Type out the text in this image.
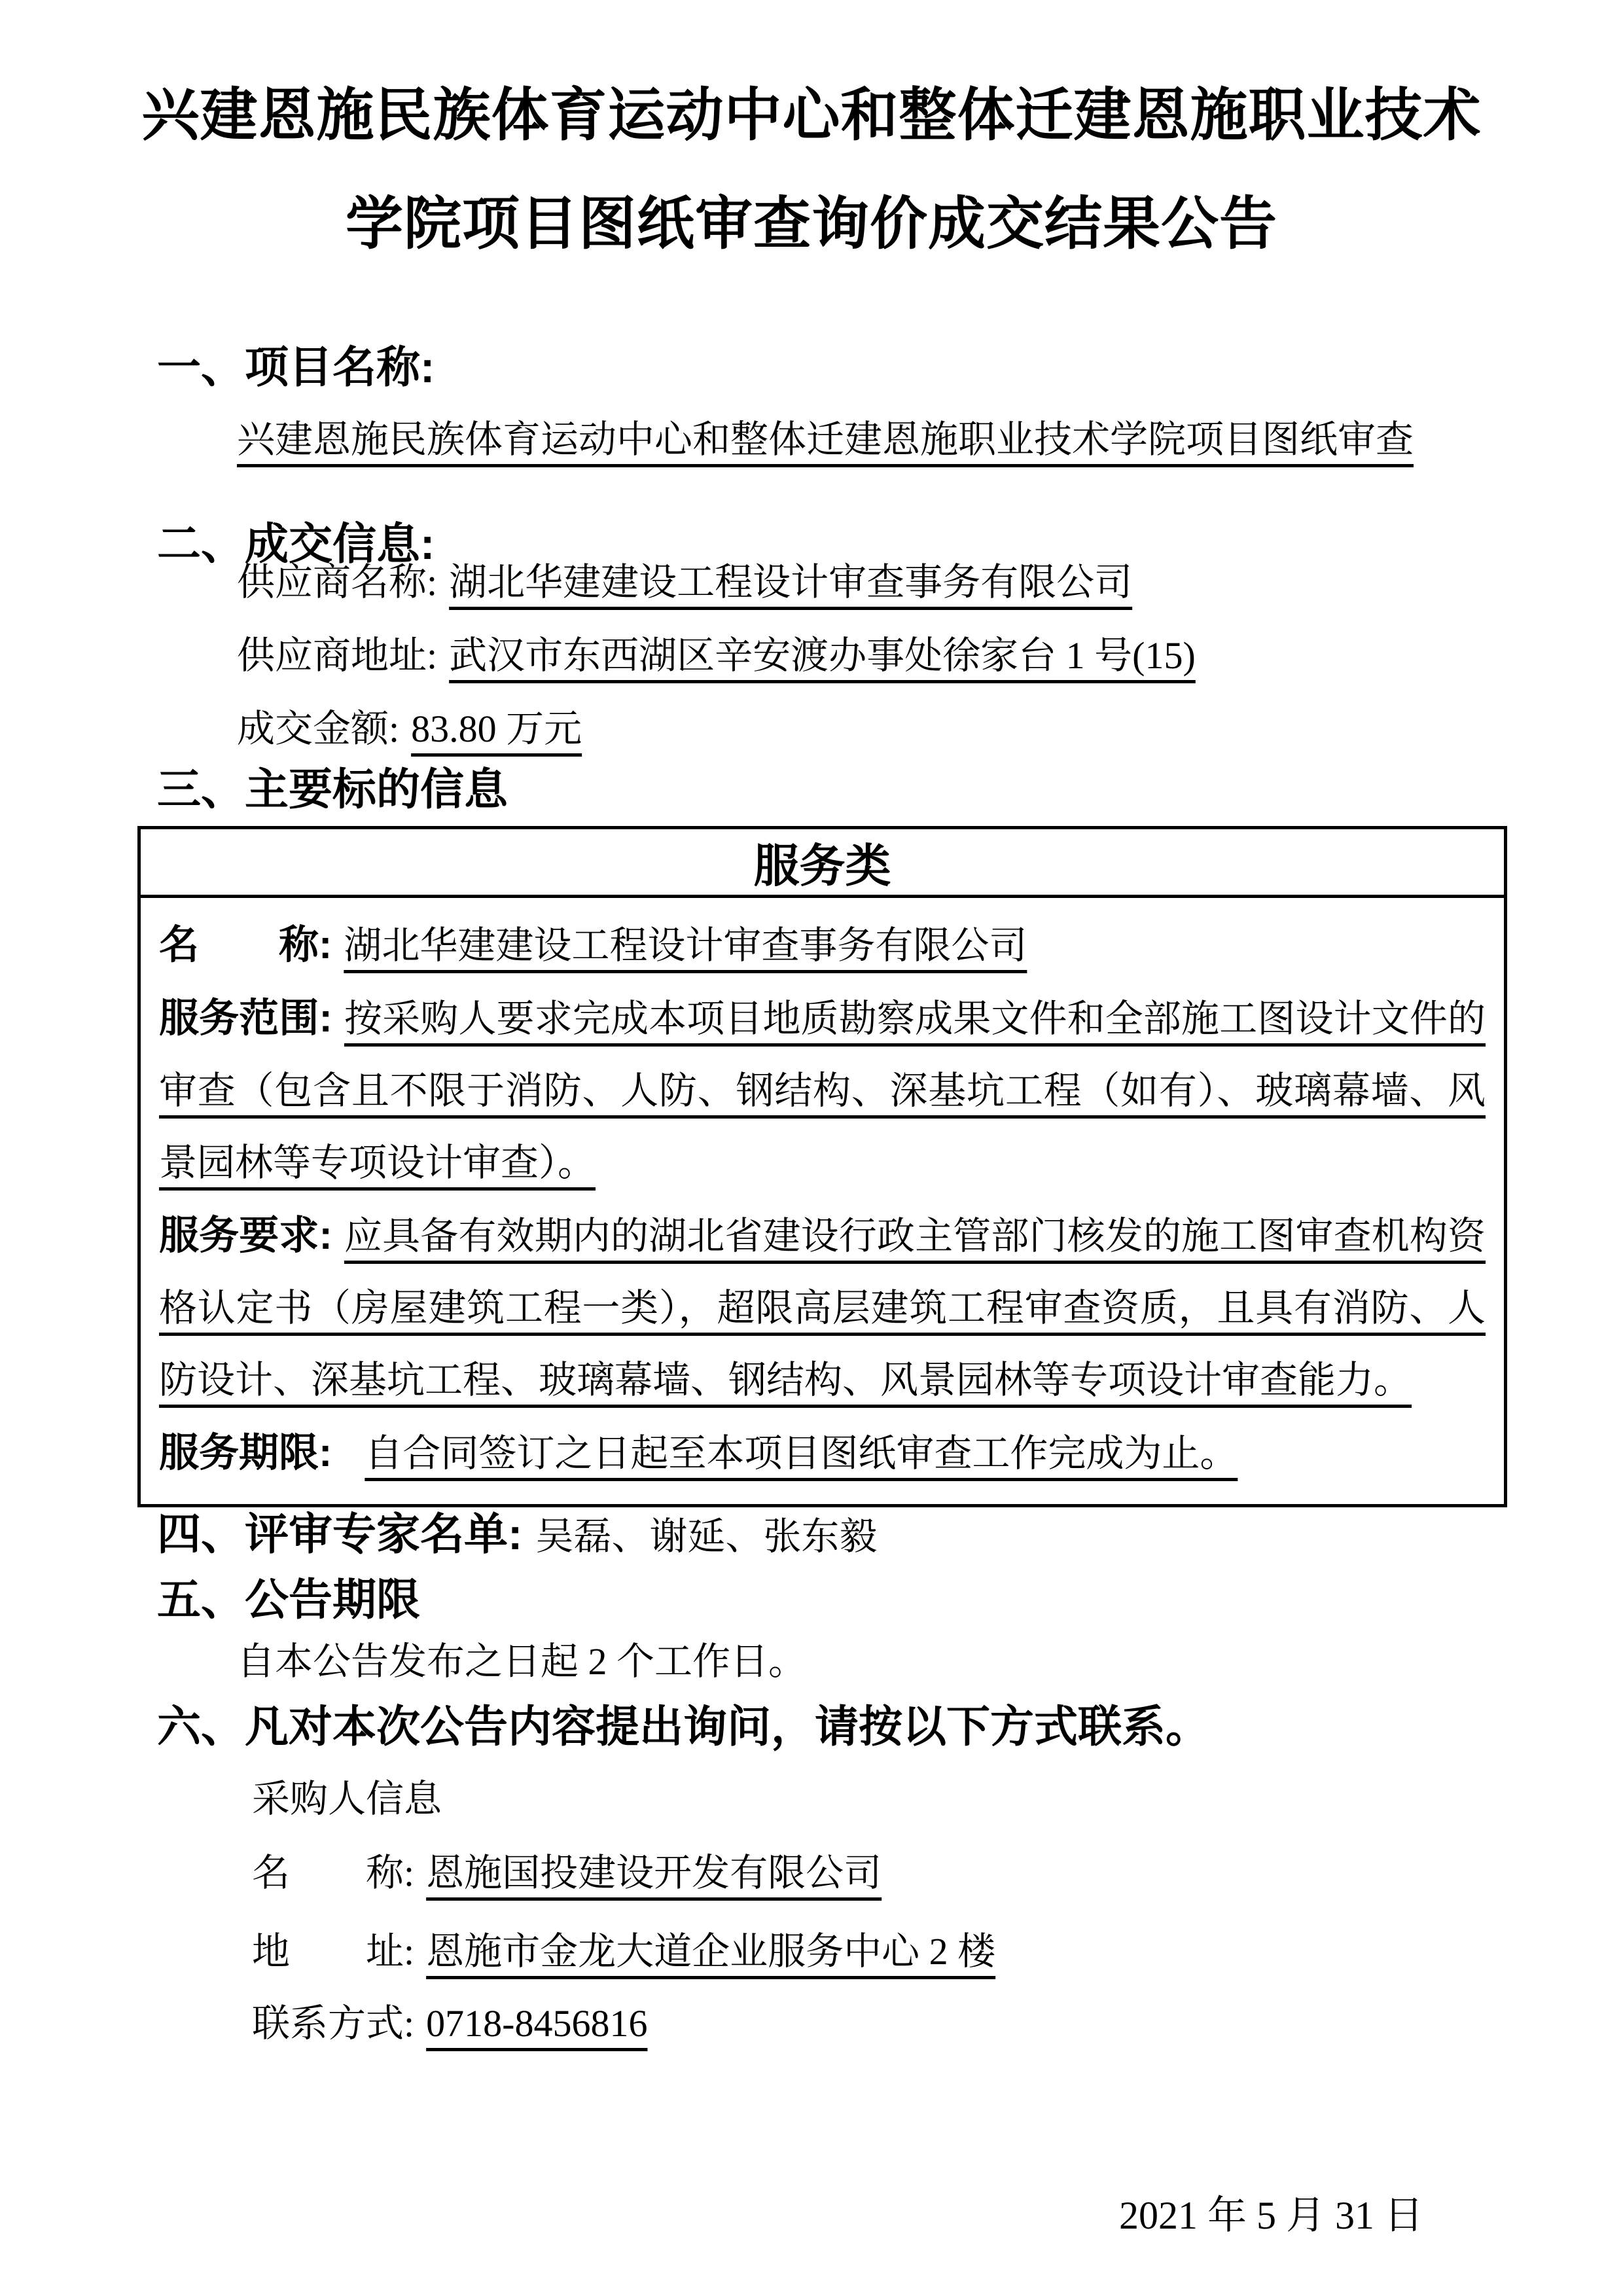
兴建恩施民族体育运动中心和整体迁建恩施职业技术
学院项目图纸审查询价成交结果公告
一、项目名称:
兴建恩施民族体育运动中心和整体迁建恩施职业技术学院项目图纸审查
二、成交信息:
供应商名称: 湖北华建建设工程设计审查事务有限公司
供应商地址: 武汉市东西湖区辛安渡办事处徐家台 1 号(15)
成交金额: 83.80 万元
三、主要标的信息
服务类

名　　称: 湖北华建建设工程设计审查事务有限公司

服务范围: 按采购人要求完成本项目地质勘察成果文件和全部施工图设计文件的审查（包含且不限于消防、人防、钢结构、深基坑工程（如有）、玻璃幕墙、风景园林等专项设计审查）。

服务要求: 应具备有效期内的湖北省建设行政主管部门核发的施工图审查机构资格认定书（房屋建筑工程一类），超限高层建筑工程审查资质，且具有消防、人防设计、深基坑工程、玻璃幕墙、钢结构、风景园林等专项设计审查能力。

服务期限: 自合同签订之日起至本项目图纸审查工作完成为止。

四、评审专家名单: 吴磊、谢延、张东毅
五、公告期限
自本公告发布之日起 2 个工作日。
六、凡对本次公告内容提出询问，请按以下方式联系。
采购人信息
名　　称: 恩施国投建设开发有限公司
地　　址: 恩施市金龙大道企业服务中心 2 楼
联系方式: 0718-8456816
2021 年 5 月 31 日
